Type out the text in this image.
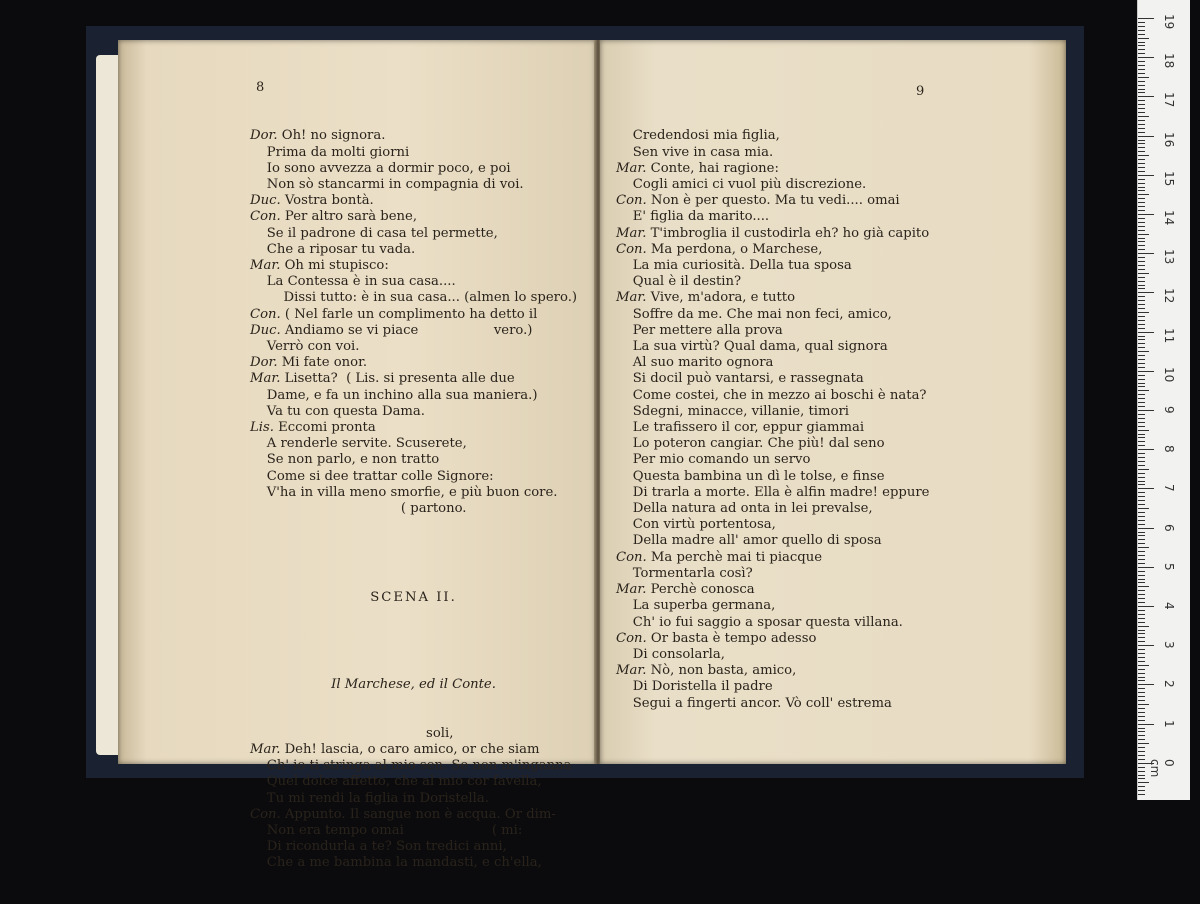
8

Dor. Oh! no signora.
Prima da molti giorni
Io sono avvezza a dormir poco, e poi
Non sò stancarmi in compagnia di voi.
Duc. Vostra bontà.
Con. Per altro sarà bene,
Se il padrone di casa tel permette,
Che a riposar tu vada.
Mar. Oh mi stupisco:
La Contessa è in sua casa....
Dissi tutto: è in sua casa... (almen lo spero.)
Con. ( Nel farle un complimento ha detto il
Duc. Andiamo se vi piace                  vero.)
Verrò con voi.
Dor. Mi fate onor.
Mar. Lisetta?  ( Lis. si presenta alle due
Dame, e fa un inchino alla sua maniera.)
Va tu con questa Dama.
Lis. Eccomi pronta
A renderle servite. Scuserete,
Se non parlo, e non tratto
Come si dee trattar colle Signore:
V'ha in villa meno smorfie, e più buon core.
( partono.

SCENA II.

Il Marchese, ed il Conte.

soli,
Mar. Deh! lascia, o caro amico, or che siam
Ch' io ti stringa al mio sen. Se non m'inganna
Quel dolce affetto, che al mio cor favella,
Tu mi rendi la figlia in Doristella.
Con. Appunto. Il sangue non è acqua. Or dim-
Non era tempo omai                     ( mi:
Di ricondurla a te? Son tredici anni,
Che a me bambina la mandasti, e ch'ella,

9

Credendosi mia figlia,
Sen vive in casa mia.
Mar. Conte, hai ragione:
Cogli amici ci vuol più discrezione.
Con. Non è per questo. Ma tu vedi.... omai
E' figlia da marito....
Mar. T'imbroglia il custodirla eh? ho già capito
Con. Ma perdona, o Marchese,
La mia curiosità. Della tua sposa
Qual è il destin?
Mar. Vive, m'adora, e tutto
Soffre da me. Che mai non feci, amico,
Per mettere alla prova
La sua virtù? Qual dama, qual signora
Al suo marito ognora
Si docil può vantarsi, e rassegnata
Come costei, che in mezzo ai boschi è nata?
Sdegni, minacce, villanie, timori
Le trafissero il cor, eppur giammai
Lo poteron cangiar. Che più! dal seno
Per mio comando un servo
Questa bambina un dì le tolse, e finse
Di trarla a morte. Ella è alfin madre! eppure
Della natura ad onta in lei prevalse,
Con virtù portentosa,
Della madre all' amor quello di sposa
Con. Ma perchè mai ti piacque
Tormentarla così?
Mar. Perchè conosca
La superba germana,
Ch' io fui saggio a sposar questa villana.
Con. Or basta è tempo adesso
Di consolarla,
Mar. Nò, non basta, amico,
Di Doristella il padre
Segui a fingerti ancor. Vò coll' estrema

19
18
17
16
15
14
13
12
11
10
9
8
7
6
5
4
3
2
1
0 cm
